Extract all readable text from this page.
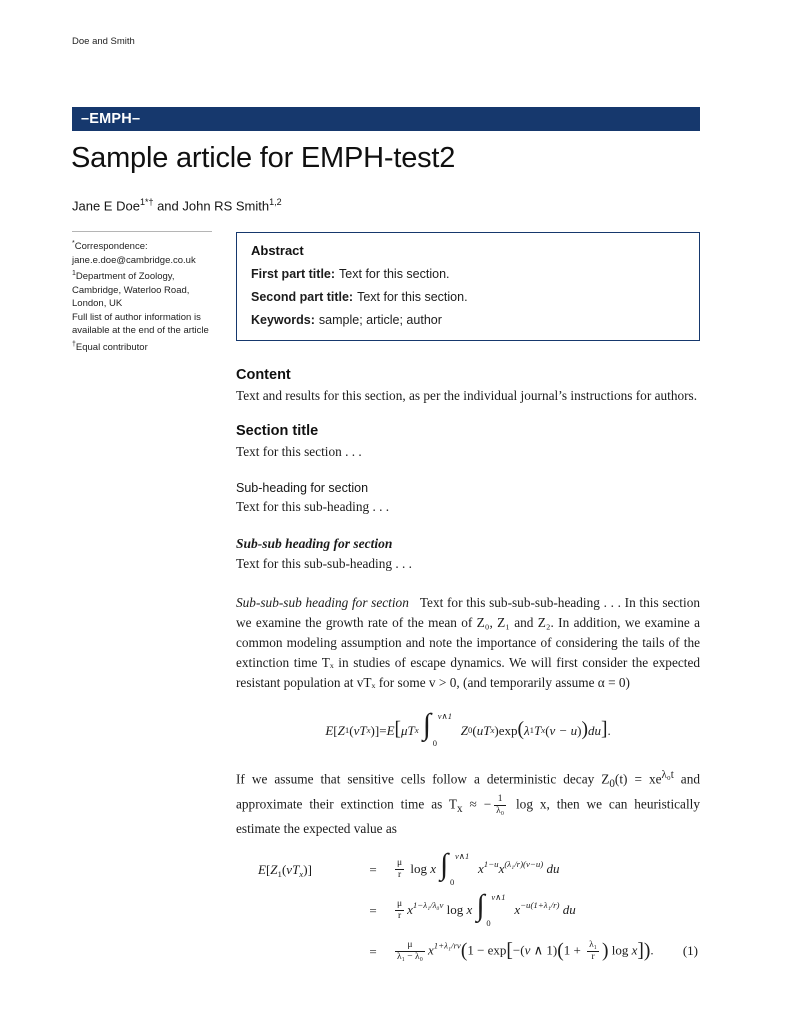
Doe and Smith
–EMPH–
Sample article for EMPH-test2
Jane E Doe$^{1*\dagger}$ and John RS Smith$^{1,2}$
*Correspondence:
jane.e.doe@cambridge.co.uk
$^1$Department of Zoology,
Cambridge, Waterloo Road,
London, UK
Full list of author information is
available at the end of the article
†Equal contributor
Abstract
First part title: Text for this section.
Second part title: Text for this section.
Keywords: sample; article; author
Content

Text and results for this section, as per the individual journal’s instructions for authors.

Section title

Text for this section . . .

Sub-heading for section

Text for this sub-heading . . .

Sub-sub heading for section

Text for this sub-sub-heading . . .

Sub-sub-sub heading for section Text for this sub-sub-sub-heading . . . In this section we examine the growth rate of the mean of Z₀, Z₁ and Z₂. In addition, we examine a common modeling assumption and note the importance of considering the tails of the extinction time Tₓ in studies of escape dynamics. We will first consider the expected resistant population at vTₓ for some v > 0, (and temporarily assume α = 0)

E [ Z 1 ( vT x ) ] = E [ μT x ∫ v∧1
0
Z 0 ( uT x ) exp ( λ 1 T x ( v − u ) ) du ] .

If we assume that sensitive cells follow a deterministic decay $Z_0(t) = xe^{\lambda_0t}$ and approximate their extinction time as $T_x$ ≈ − $\frac{1}{\text{λ₀}}$ log x, then we can heuristically estimate the expected value as

$E[Z_1(vT_x)]$	=	$\frac{\mu}{r}$ log x ∫ v∧1
0
$x^{1-u}x^{(\lambda_1/r)(v-u)}$ du
=	$\frac{\mu}{r} x^{1-\lambda_1/\lambda_0v}$ log x ∫ v∧1
0
$x^{-u(1+\lambda_1/r)}$ du
=	$\frac{\mu}{\text{λ₁ − λ₀}} x^{1+\lambda_1/rv}(1 - \exp[-(v$ ∧ $1)(1 + \frac{\text{λ₁}}{r}$ ) log x]).	(1)
